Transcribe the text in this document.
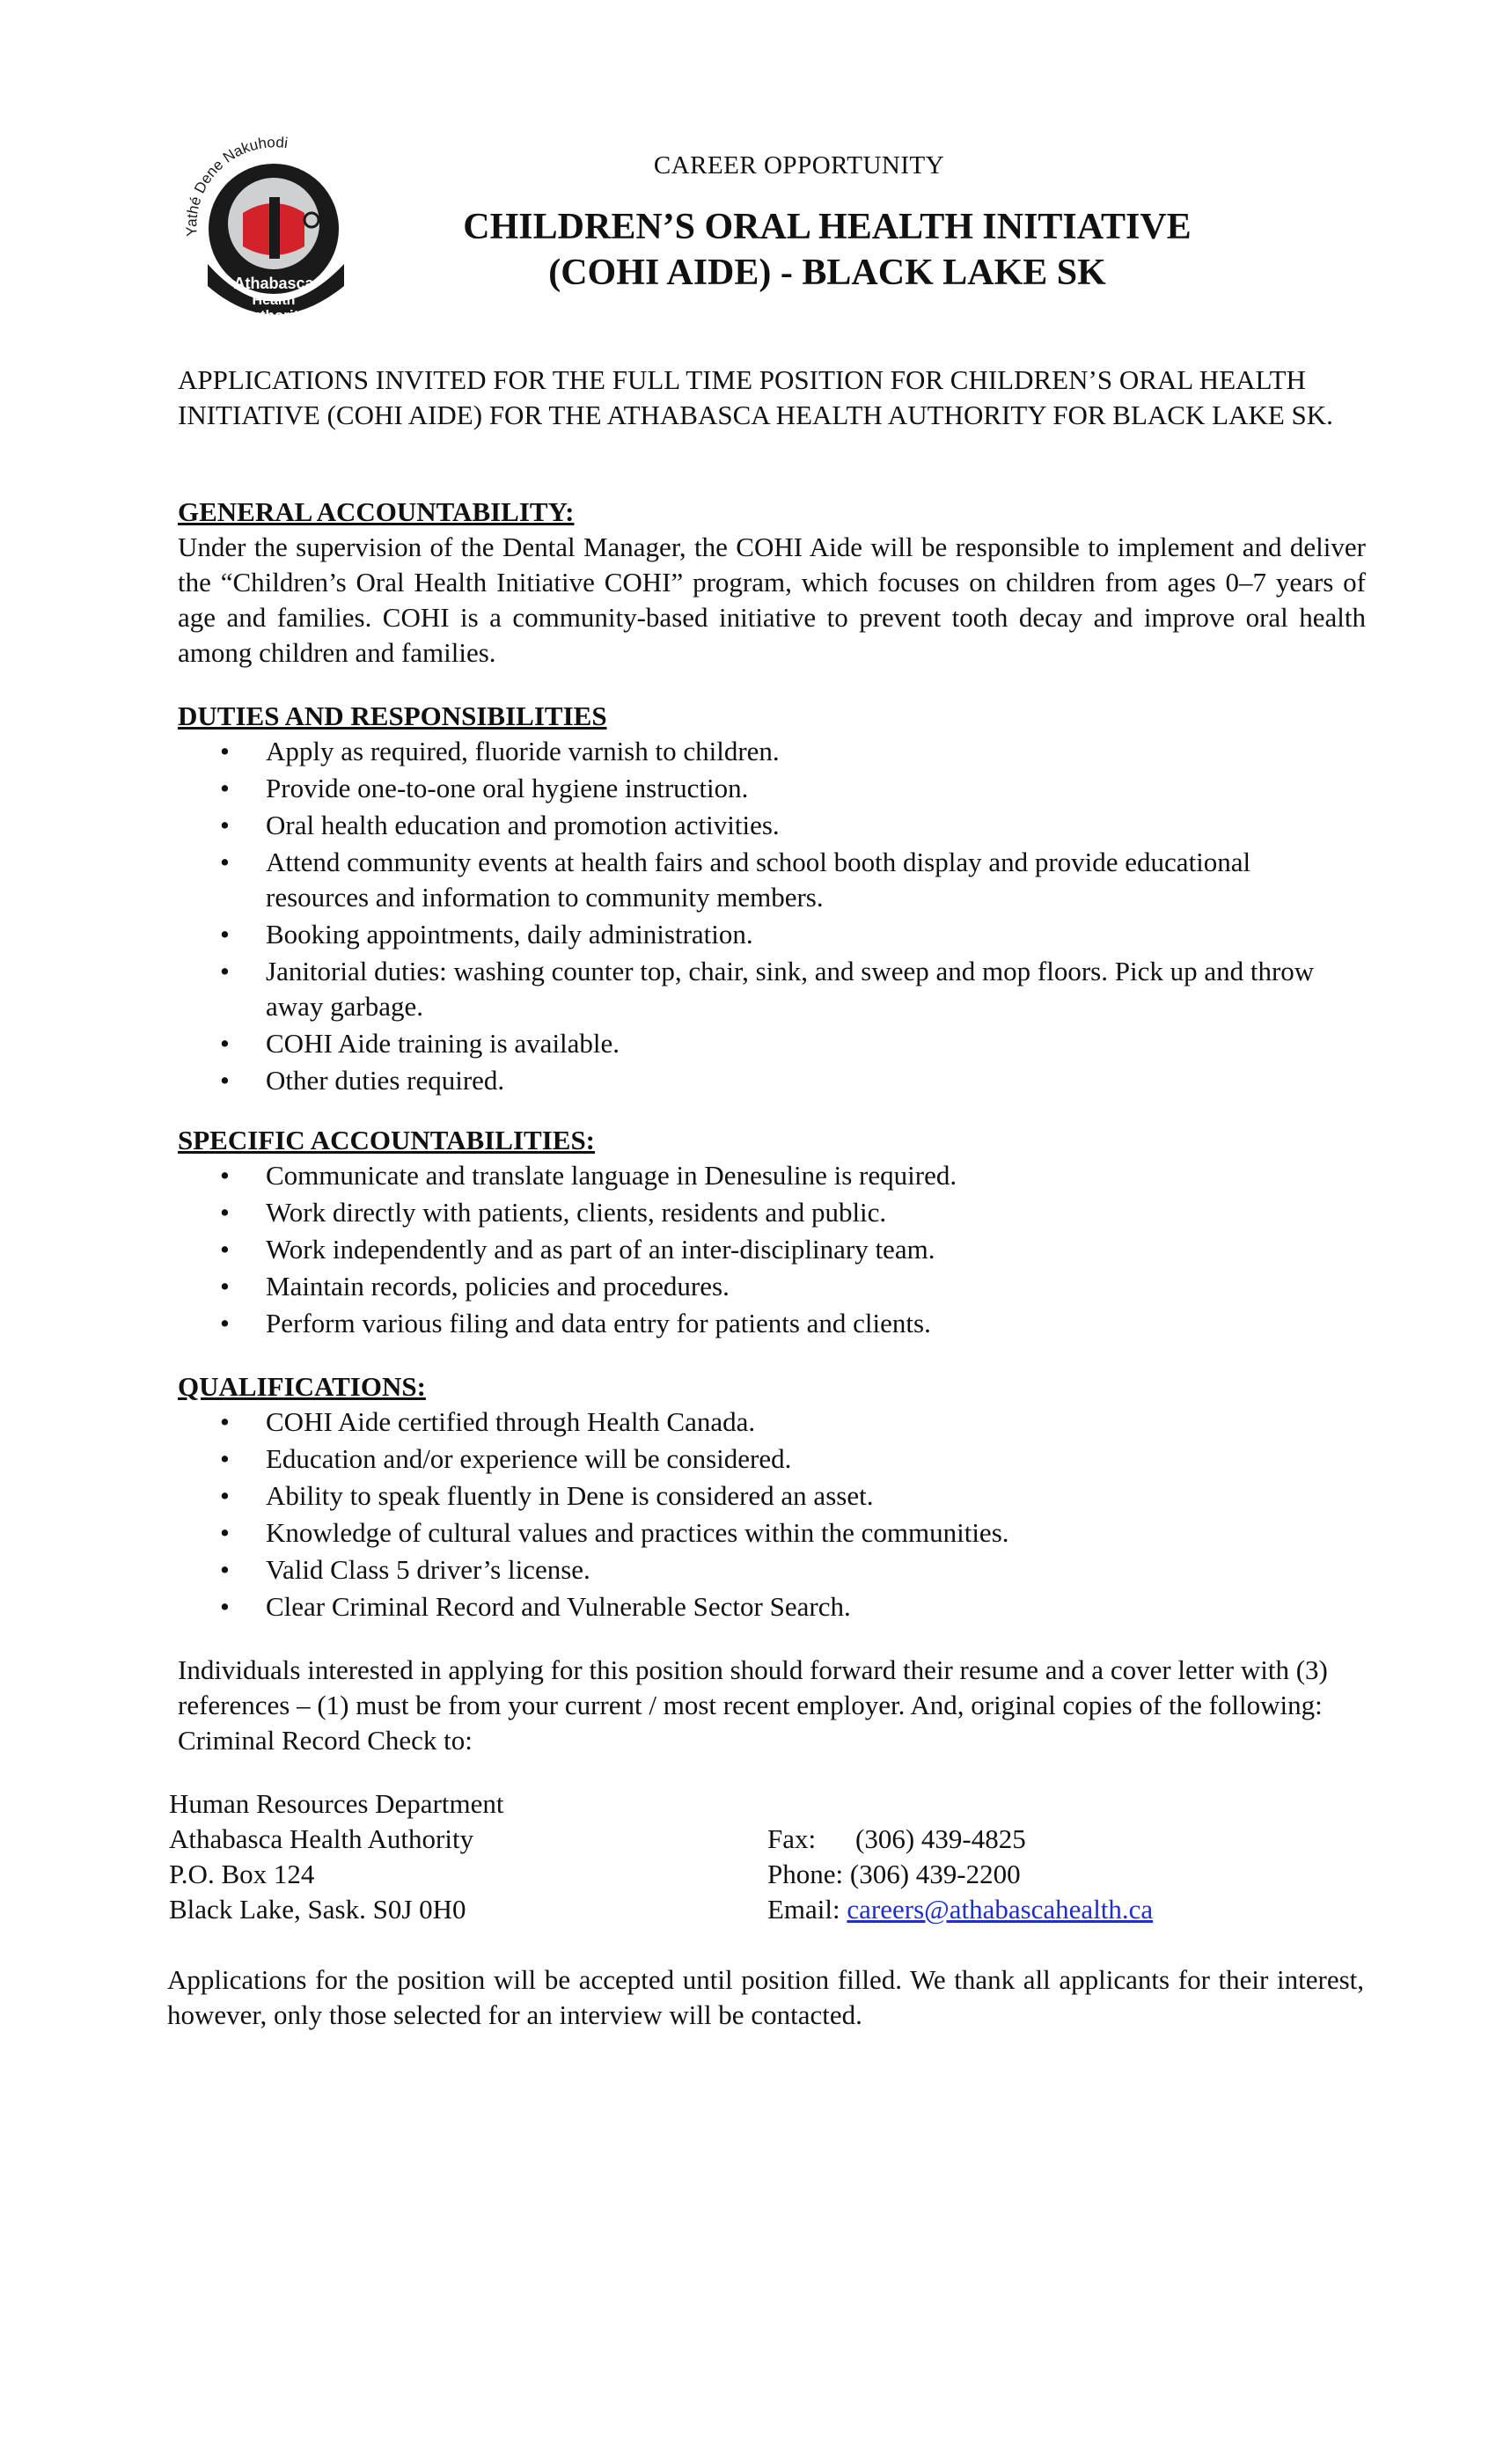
Yathé Dene Nakuhodi
Athabasca
Health
Authority
CAREER OPPORTUNITY
CHILDREN’S ORAL HEALTH INITIATIVE
(COHI AIDE) - BLACK LAKE SK
APPLICATIONS INVITED FOR THE FULL TIME POSITION FOR CHILDREN’S ORAL HEALTH INITIATIVE (COHI AIDE) FOR THE ATHABASCA HEALTH AUTHORITY FOR BLACK LAKE SK.
GENERAL ACCOUNTABILITY:
Under the supervision of the Dental Manager, the COHI Aide will be responsible to implement and deliver the “Children’s Oral Health Initiative COHI” program, which focuses on children from ages 0–7 years of age and families. COHI is a community-based initiative to prevent tooth decay and improve oral health among children and families.
DUTIES AND RESPONSIBILITIES
• Apply as required, fluoride varnish to children.
• Provide one-to-one oral hygiene instruction.
• Oral health education and promotion activities.
• Attend community events at health fairs and school booth display and provide educational resources and information to community members.
• Booking appointments, daily administration.
• Janitorial duties: washing counter top, chair, sink, and sweep and mop floors. Pick up and throw away garbage.
• COHI Aide training is available.
• Other duties required.
SPECIFIC ACCOUNTABILITIES:
• Communicate and translate language in Denesuline is required.
• Work directly with patients, clients, residents and public.
• Work independently and as part of an inter-disciplinary team.
• Maintain records, policies and procedures.
• Perform various filing and data entry for patients and clients.
QUALIFICATIONS:
• COHI Aide certified through Health Canada.
• Education and/or experience will be considered.
• Ability to speak fluently in Dene is considered an asset.
• Knowledge of cultural values and practices within the communities.
• Valid Class 5 driver’s license.
• Clear Criminal Record and Vulnerable Sector Search.
Individuals interested in applying for this position should forward their resume and a cover letter with (3) references – (1) must be from your current / most recent employer. And, original copies of the following: Criminal Record Check to:
Human Resources Department
Athabasca Health Authority
P.O. Box 124
Black Lake, Sask. S0J 0H0
Fax: (306) 439-4825
Phone: (306) 439-2200
Email: careers@athabascahealth.ca
Applications for the position will be accepted until position filled. We thank all applicants for their interest, however, only those selected for an interview will be contacted.
